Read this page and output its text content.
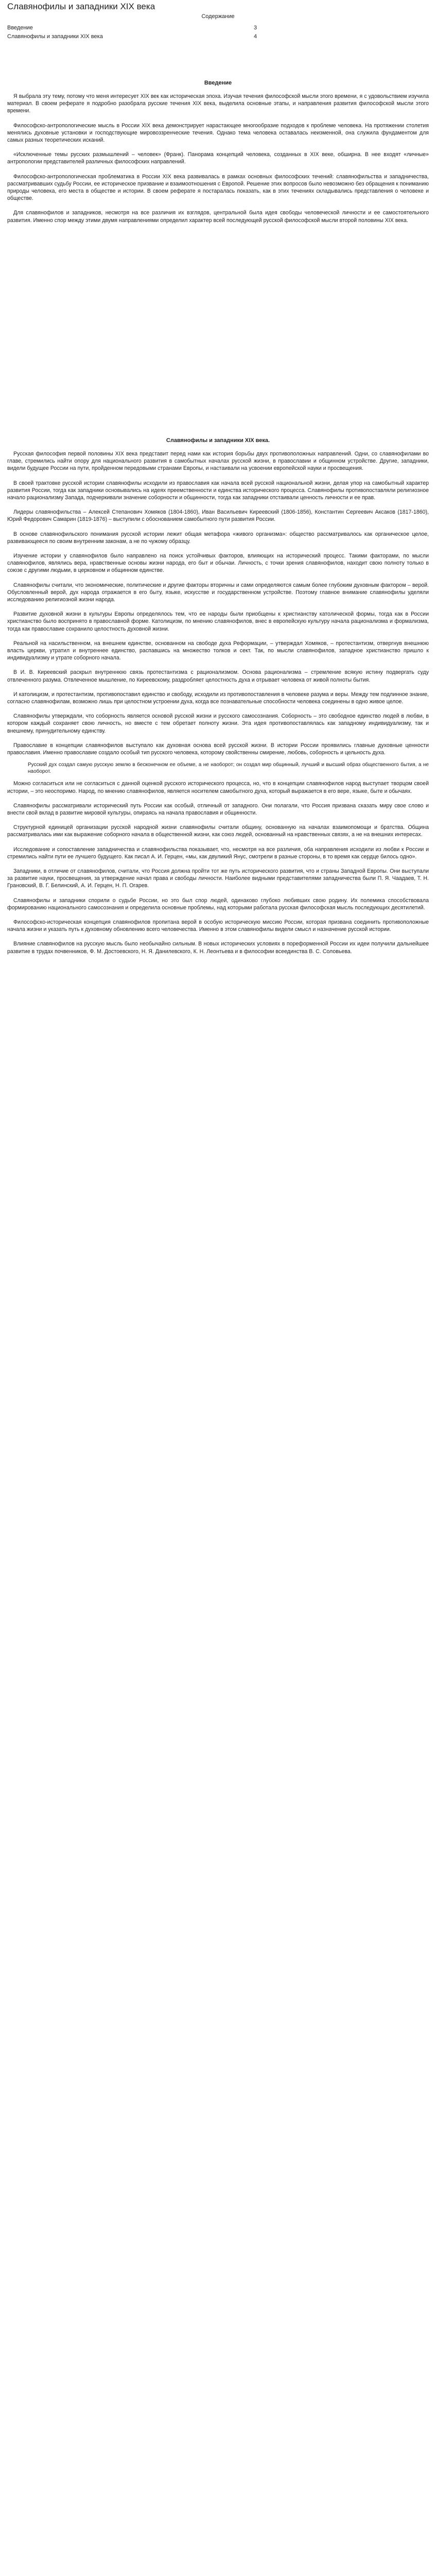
Славянофилы и западники XIX века
Содержание
Введение	3
Славянофилы и западники XIX века	4
Введение

Я выбрала эту тему, потому что меня интересует XIX век как историческая эпоха. Изучая течения философской мысли этого времени, я с удовольствием изучила материал. В своем реферате я подробно разобрала русские течения XIX века, выделила основные этапы, и направления развития философской мысли этого времени.

Философско-антропологические мысль в России XIX века демонстрирует нарастающее многообразие подходов к проблеме человека. На протяжении столетия менялись духовные установки и господствующие мировоззренческие течения. Однако тема человека оставалась неизменной, она служила фундаментом для самых разных теоретических исканий.

«Исключенные темы русских размышлений – человек» (Франк). Панорама концепций человека, созданных в XIX веке, обширна. В нее входят «личные» антропологии представителей различных философских направлений.

Философско-антропологическая проблематика в России XIX века развивалась в рамках основных философских течений: славянофильства и западничества, рассматривавших судьбу России, ее историческое призвание и взаимоотношения с Европой. Решение этих вопросов было невозможно без обращения к пониманию природы человека, его места в обществе и истории. В своем реферате я постаралась показать, как в этих течениях складывались представления о человеке и обществе.

Для славянофилов и западников, несмотря на все различия их взглядов, центральной была идея свободы человеческой личности и ее самостоятельного развития. Именно спор между этими двумя направлениями определил характер всей последующей русской философской мысли второй половины XIX века.

Славянофилы и западники XIX века.

Русская философия первой половины XIX века представит перед нами как история борьбы двух противоположных направлений. Одни, со славянофилами во главе, стремились найти опору для национального развития в самобытных началах русской жизни, в православии и общинном устройстве. Другие, западники, видели будущее России на пути, пройденном передовыми странами Европы, и настаивали на усвоении европейской науки и просвещения.

В своей трактовке русской истории славянофилы исходили из православия как начала всей русской национальной жизни, делая упор на самобытный характер развития России, тогда как западники основывались на идеях преемственности и единства исторического процесса. Славянофилы противопоставляли религиозное начало рационализму Запада, подчеркивали значение соборности и общинности, тогда как западники отстаивали ценность личности и ее прав.

Лидеры славянофильства – Алексей Степанович Хомяков (1804-1860), Иван Васильевич Киреевский (1806-1856), Константин Сергеевич Аксаков (1817-1860), Юрий Федорович Самарин (1819-1876) – выступили с обоснованием самобытного пути развития России.

В основе славянофильского понимания русской истории лежит общая метафора «живого организма»: общество рассматривалось как органическое целое, развивающееся по своим внутренним законам, а не по чужому образцу.

Изучение истории у славянофилов было направлено на поиск устойчивых факторов, влияющих на исторический процесс. Такими факторами, по мысли славянофилов, являлись вера, нравственные основы жизни народа, его быт и обычаи. Личность, с точки зрения славянофилов, находит свою полноту только в союзе с другими людьми, в церковном и общинном единстве.

Славянофилы считали, что экономические, политические и другие факторы вторичны и сами определяются самым более глубоким духовным фактором – верой. Обусловленный верой, дух народа отражается в его быту, языке, искусстве и государственном устройстве. Поэтому главное внимание славянофилы уделяли исследованию религиозной жизни народа.

Развитие духовной жизни в культуры Европы определялось тем, что ее народы были приобщены к христианству католической формы, тогда как в России христианство было воспринято в православной форме. Католицизм, по мнению славянофилов, внес в европейскую культуру начала рационализма и формализма, тогда как православие сохранило целостность духовной жизни.

Реальной на насильственном, на внешнем единстве, основанном на свободе духа Реформации, – утверждал Хомяков, – протестантизм, отвергнув внешнюю власть церкви, утратил и внутреннее единство, распавшись на множество толков и сект. Так, по мысли славянофилов, западное христианство пришло к индивидуализму и утрате соборного начала.

В И. В. Киреевский раскрыл внутреннюю связь протестантизма с рационализмом. Основа рационализма – стремление всякую истину подвергать суду отвлеченного разума. Отвлеченное мышление, по Киреевскому, раздробляет целостность духа и отрывает человека от живой полноты бытия.

И католицизм, и протестантизм, противопоставил единство и свободу, исходили из противопоставления в человеке разума и веры. Между тем подлинное знание, согласно славянофилам, возможно лишь при целостном устроении духа, когда все познавательные способности человека соединены в одно живое целое.

Славянофилы утверждали, что соборность является основой русской жизни и русского самосознания. Соборность – это свободное единство людей в любви, в котором каждый сохраняет свою личность, но вместе с тем обретает полноту жизни. Эта идея противопоставлялась как западному индивидуализму, так и внешнему, принудительному единству.

Православие в концепции славянофилов выступало как духовная основа всей русской жизни. В истории России проявились главные духовные ценности православия. Именно православие создало особый тип русского человека, которому свойственны смирение, любовь, соборность и цельность духа.

Русский дух создал самую русскую землю в бесконечном ее объеме, а не наоборот; он создал мир общинный, лучший и высший образ общественного бытия, а не наоборот.

Можно согласиться или не согласиться с данной оценкой русского исторического процесса, но, что в концепции славянофилов народ выступает творцом своей истории, – это неоспоримо. Народ, по мнению славянофилов, является носителем самобытного духа, который выражается в его вере, языке, быте и обычаях.

Славянофилы рассматривали исторический путь России как особый, отличный от западного. Они полагали, что Россия призвана сказать миру свое слово и внести свой вклад в развитие мировой культуры, опираясь на начала православия и общинности.

Структурной единицей организации русской народной жизни славянофилы считали общину, основанную на началах взаимопомощи и братства. Община рассматривалась ими как выражение соборного начала в общественной жизни, как союз людей, основанный на нравственных связях, а не на внешних интересах.

Исследование и сопоставление западничества и славянофильства показывает, что, несмотря на все различия, оба направления исходили из любви к России и стремились найти пути ее лучшего будущего. Как писал А. И. Герцен, «мы, как двуликий Янус, смотрели в разные стороны, в то время как сердце билось одно».

Западники, в отличие от славянофилов, считали, что Россия должна пройти тот же путь исторического развития, что и страны Западной Европы. Они выступали за развитие науки, просвещения, за утверждение начал права и свободы личности. Наиболее видными представителями западничества были П. Я. Чаадаев, Т. Н. Грановский, В. Г. Белинский, А. И. Герцен, Н. П. Огарев.

Славянофилы и западники спорили о судьбе России, но это был спор людей, одинаково глубоко любивших свою родину. Их полемика способствовала формированию национального самосознания и определила основные проблемы, над которыми работала русская философская мысль последующих десятилетий.

Философско-историческая концепция славянофилов пропитана верой в особую историческую миссию России, которая призвана соединить противоположные начала жизни и указать путь к духовному обновлению всего человечества. Именно в этом славянофилы видели смысл и назначение русской истории.

Влияние славянофилов на русскую мысль было необычайно сильным. В новых исторических условиях в пореформенной России их идеи получили дальнейшее развитие в трудах почвенников, Ф. М. Достоевского, Н. Я. Данилевского, К. Н. Леонтьева и в философии всеединства В. С. Соловьева.
